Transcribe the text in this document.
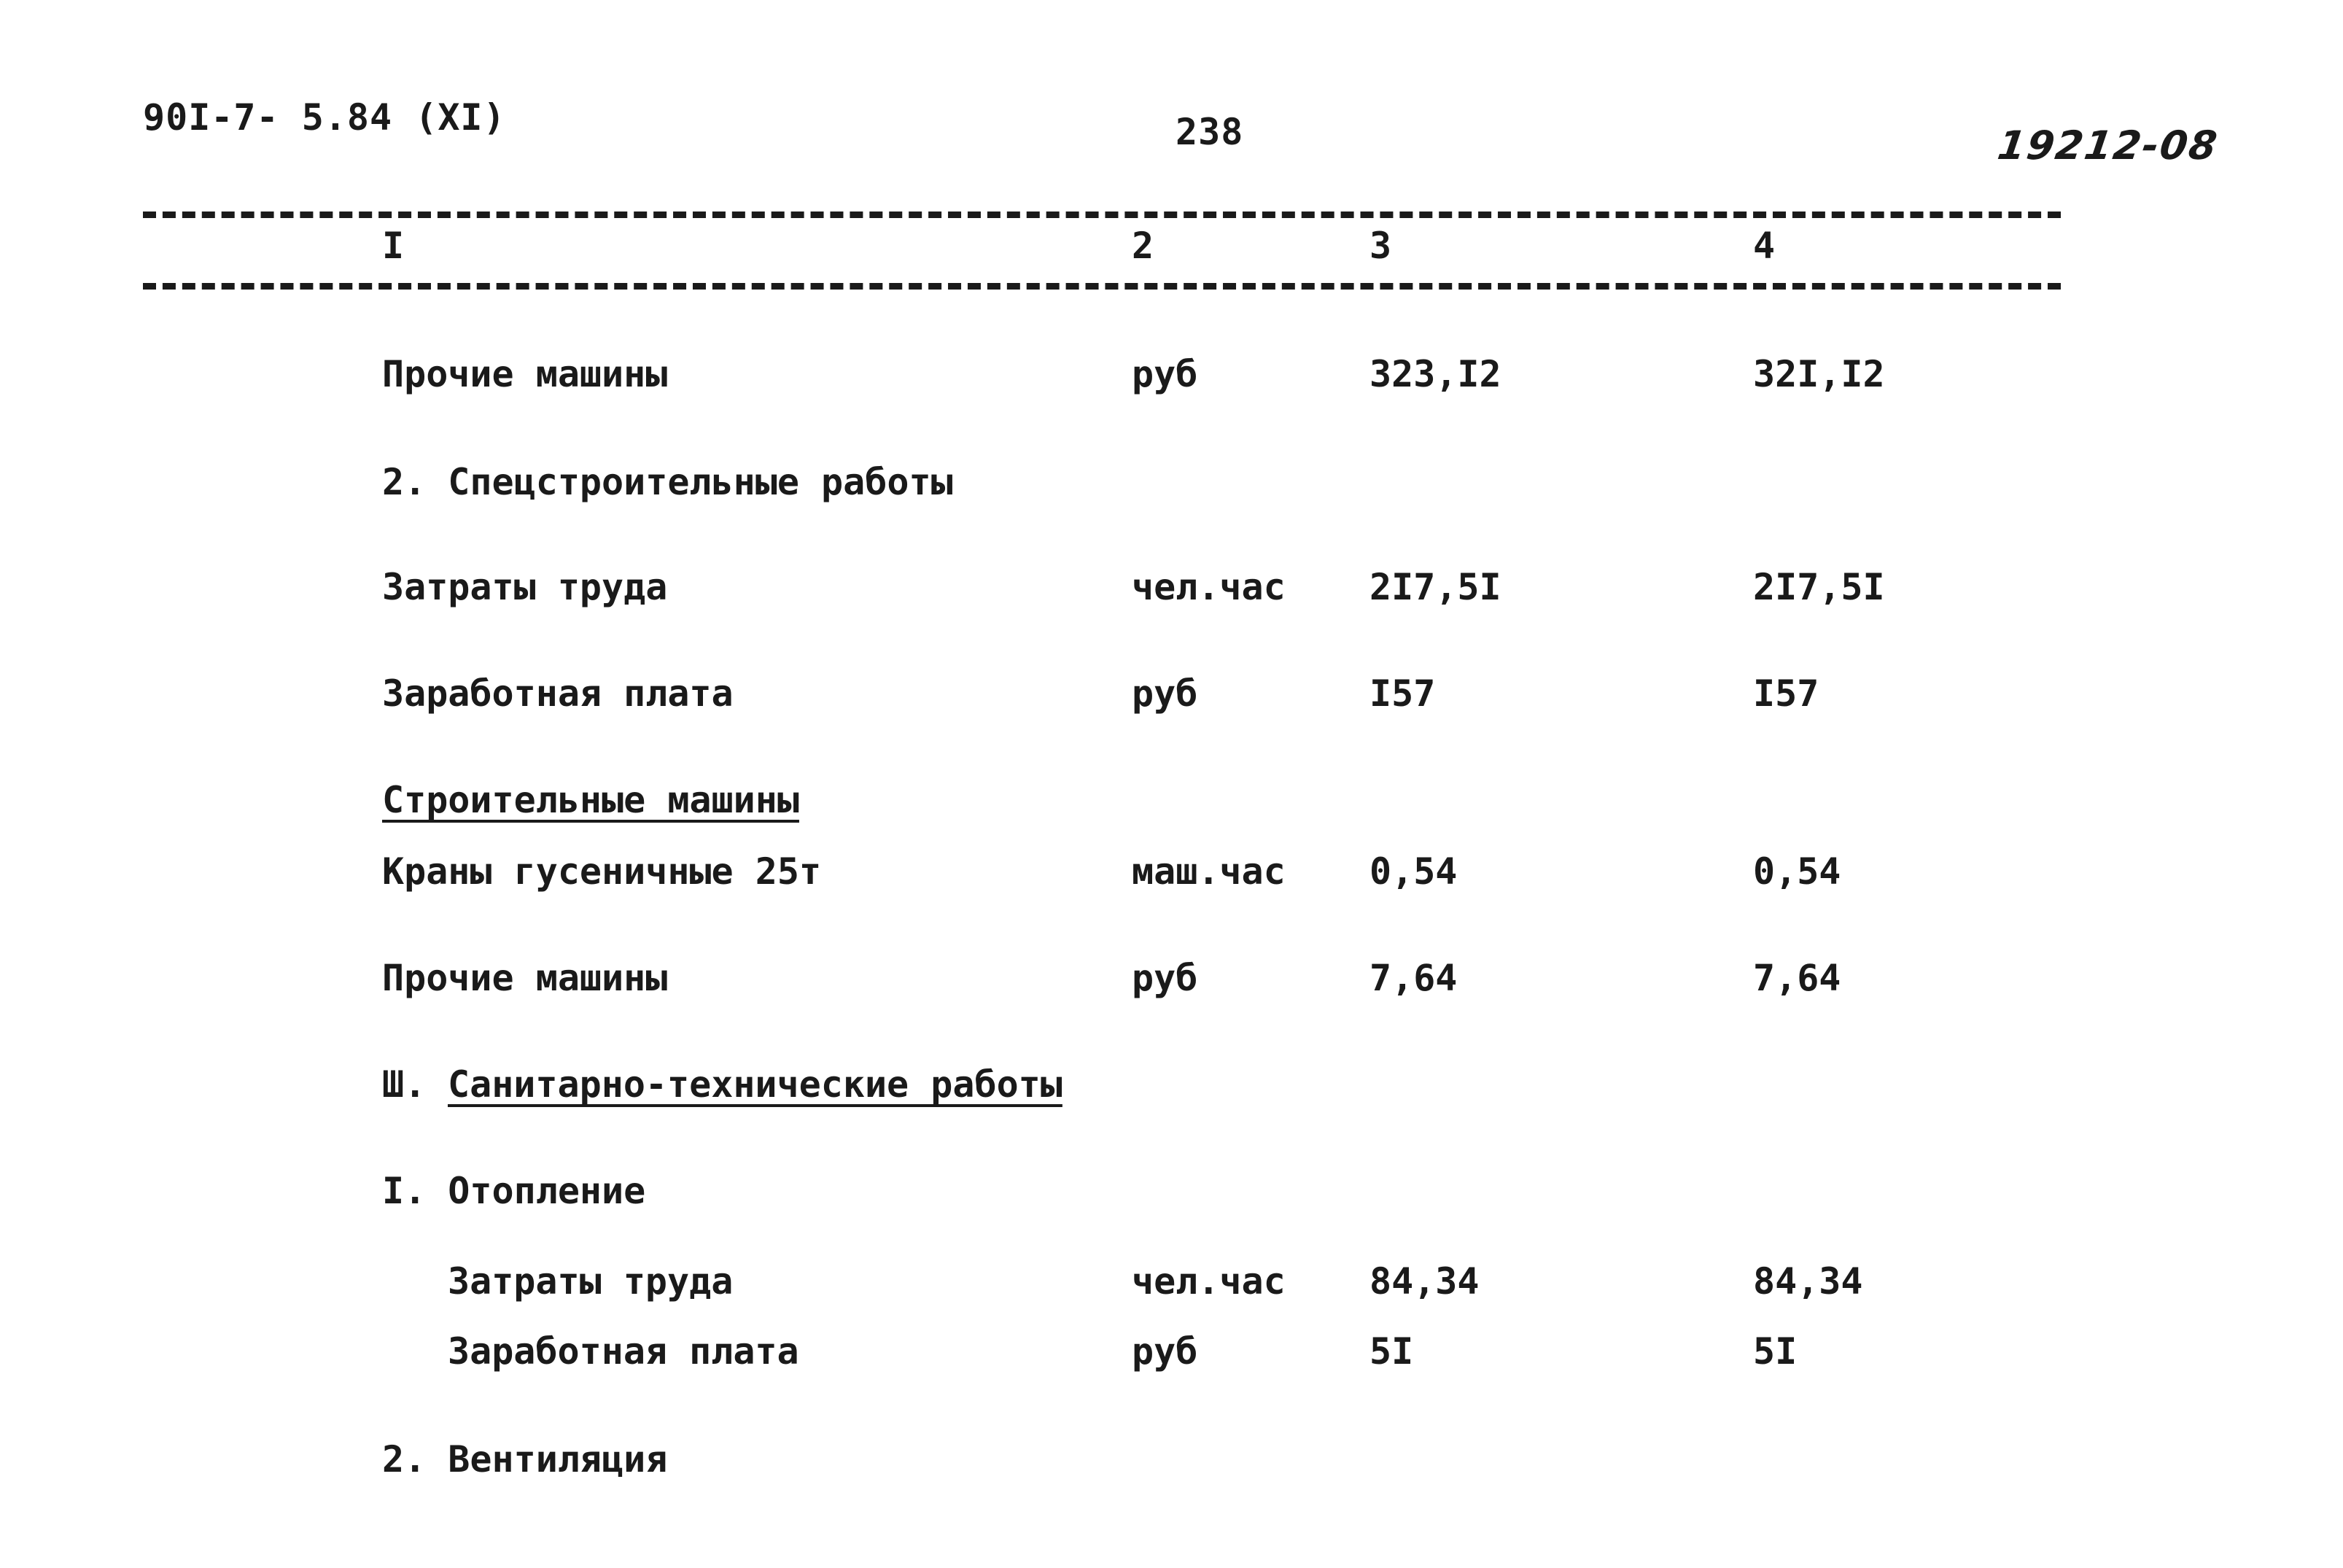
90I-7- 5.84 (XI)	238	19212-08
I	2	3	4
Прочие машины	руб	323,I2	32I,I2
2. Спецстроительные работы
Затраты труда	чел.час 2I7,5I	2I7,5I
Заработная плата	руб	I57	I57
Строительные машины
Краны гусеничные 25т	маш.час 0,54	0,54
Прочие машины	руб	7,64	7,64
Ш. Санитарно-технические работы
I. Отопление
Затраты труда	чел.час 84,34	84,34
Заработная плата	руб	5I	5I
2. Вентиляция
